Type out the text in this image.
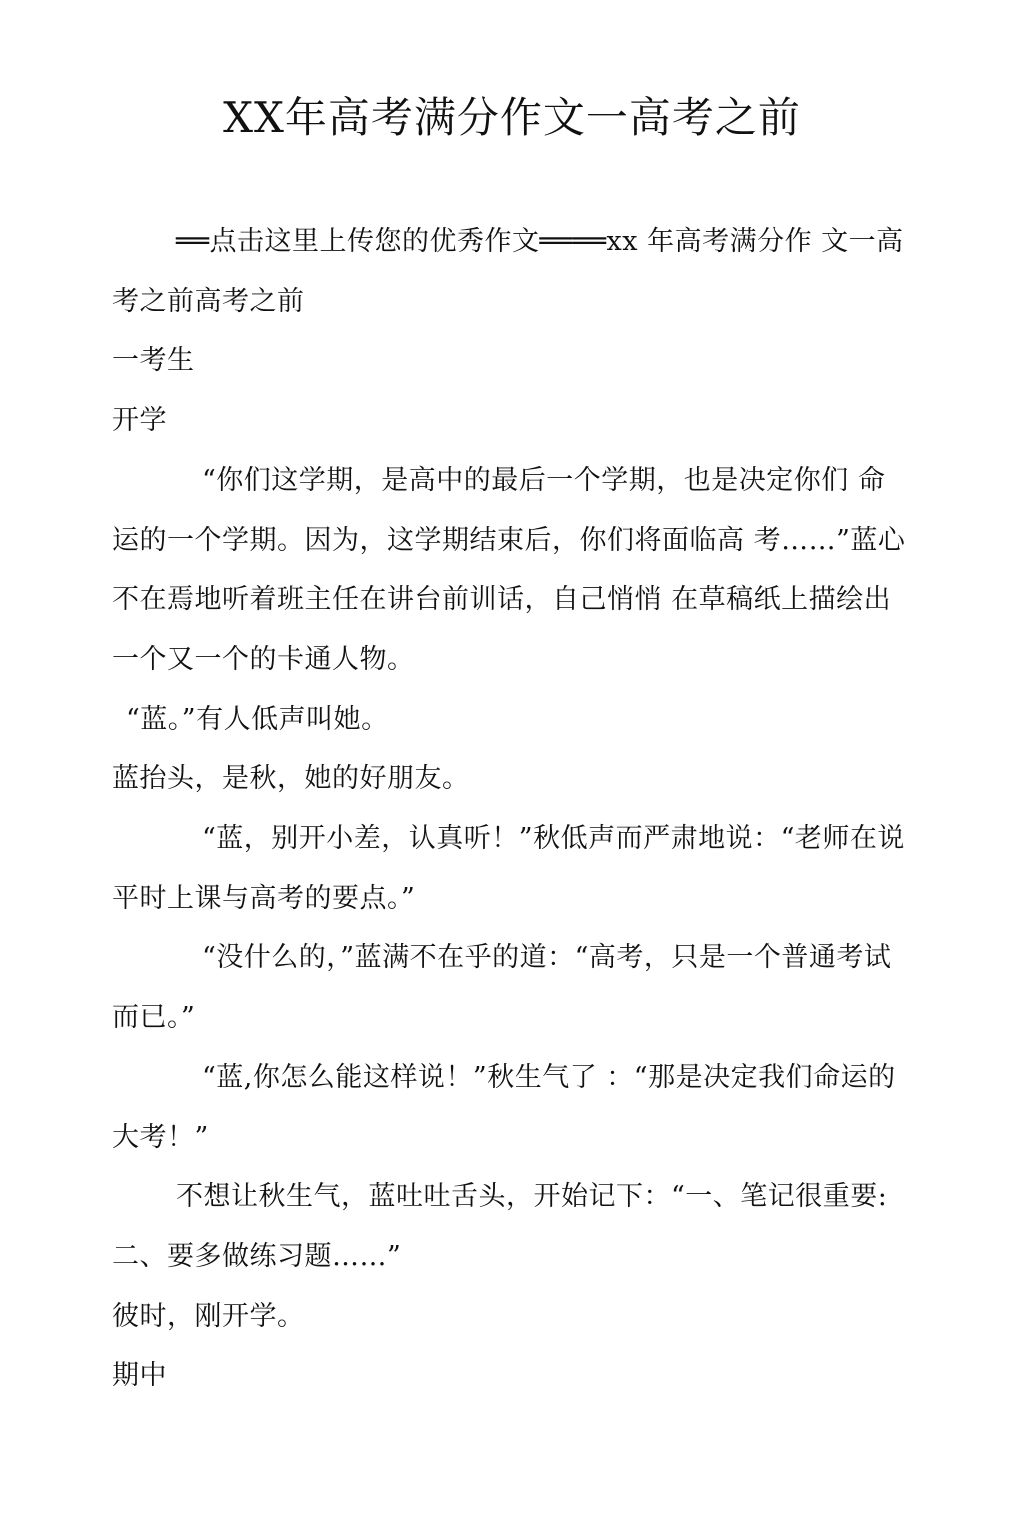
XX年高考满分作文一高考之前

══点击这里上传您的优秀作文════xx 年高考满分作 文一高考之前高考之前

一考生

开学

“你们这学期，是高中的最后一个学期，也是决定你们 命运的一个学期。因为，这学期结束后，你们将面临高 考……”蓝心不在焉地听着班主任在讲台前训话，自己悄悄 在草稿纸上描绘出一个又一个的卡通人物。

“蓝。”有人低声叫她。

蓝抬头，是秋，她的好朋友。

“蓝，别开小差，认真听！”秋低声而严肃地说：“老师在说平时上课与高考的要点。”

“没什么的，”蓝满不在乎的道：“高考，只是一个普通考试而已。”

“蓝,你怎么能这样说！”秋生气了 ：“那是决定我们命运的大考！”

不想让秋生气，蓝吐吐舌头，开始记下：“一、笔记很重要:二、要多做练习题……”

彼时，刚开学。

期中
